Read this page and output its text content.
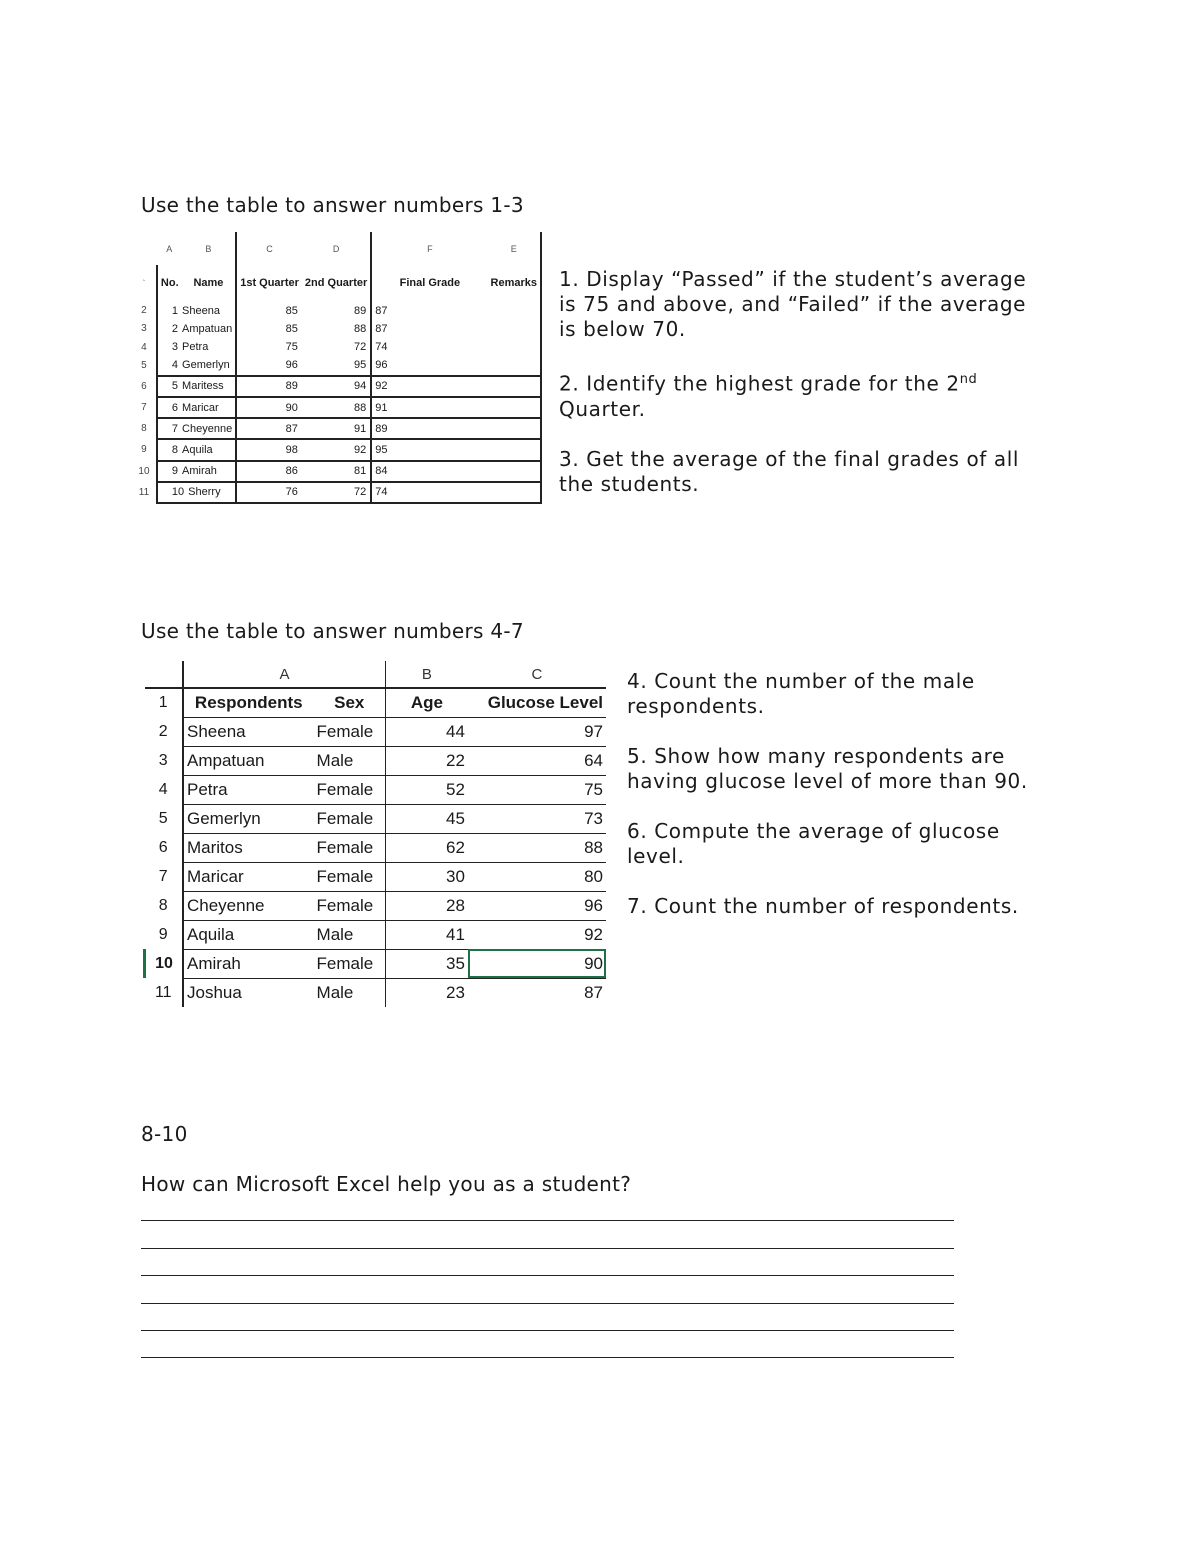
Use the table to answer numbers 1-3
	A	B	C	D	F	E
`	No.	Name	1st Quarter	2nd Quarter	Final Grade	Remarks
2	1 Sheena		85	89	87	
3	2 Ampatuan		85	88	87	
4	3 Petra		75	72	74	
5	4 Gemerlyn		96	95	96	
6	5 Maritess		89	94	92	
7	6 Maricar		90	88	91	
8	7 Cheyenne		87	91	89	
9	8 Aquila		98	92	95	
10	9 Amirah		86	81	84	
11	10 Sherry		76	72	74	

1. Display “Passed” if the student’s average is 75 and above, and “Failed” if the average is below 70.

2. Identify the highest grade for the 2nd Quarter.

3. Get the average of the final grades of all the students.

Use the table to answer numbers 4-7
	A		B	C
1	Respondents	Sex	Age	Glucose Level
2	Sheena	Female	44	97
3	Ampatuan	Male	22	64
4	Petra	Female	52	75
5	Gemerlyn	Female	45	73
6	Maritos	Female	62	88
7	Maricar	Female	30	80
8	Cheyenne	Female	28	96
9	Aquila	Male	41	92
10	Amirah	Female	35	90
11	Joshua	Male	23	87

4. Count the number of the male respondents.

5. Show how many respondents are having glucose level of more than 90.

6. Compute the average of glucose level.

7. Count the number of respondents.

8-10
How can Microsoft Excel help you as a student?
